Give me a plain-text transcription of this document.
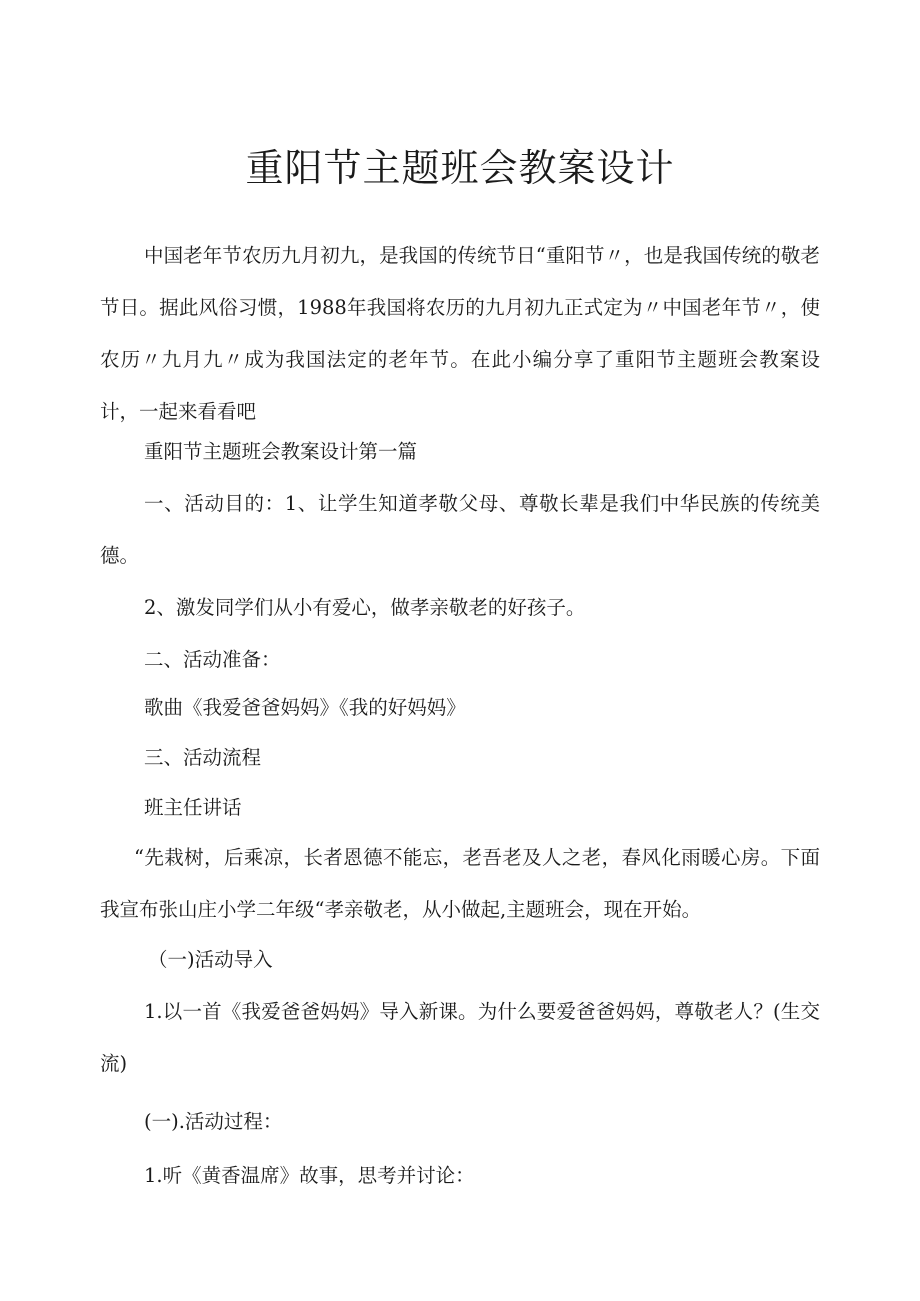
重阳节主题班会教案设计

中国老年节农历九月初九，是我国的传统节日“重阳节〃，也是我国传统的敬老节日。据此风俗习惯，1988年我国将农历的九月初九正式定为〃中国老年节〃，使农历〃九月九〃成为我国法定的老年节。在此小编分享了重阳节主题班会教案设计，一起来看看吧

重阳节主题班会教案设计第一篇

一、活动目的：1、让学生知道孝敬父母、尊敬长辈是我们中华民族的传统美德。

2、激发同学们从小有爱心，做孝亲敬老的好孩子。

二、活动准备：

歌曲《我爱爸爸妈妈》《我的好妈妈》

三、活动流程

班主任讲话

“先栽树，后乘凉，长者恩德不能忘，老吾老及人之老，春风化雨暖心房。下面我宣布张山庄小学二年级“孝亲敬老，从小做起,主题班会，现在开始。

（一)活动导入

1.以一首《我爱爸爸妈妈》导入新课。为什么要爱爸爸妈妈，尊敬老人？(生交流)

(一).活动过程：

1.听《黄香温席》故事，思考并讨论：
